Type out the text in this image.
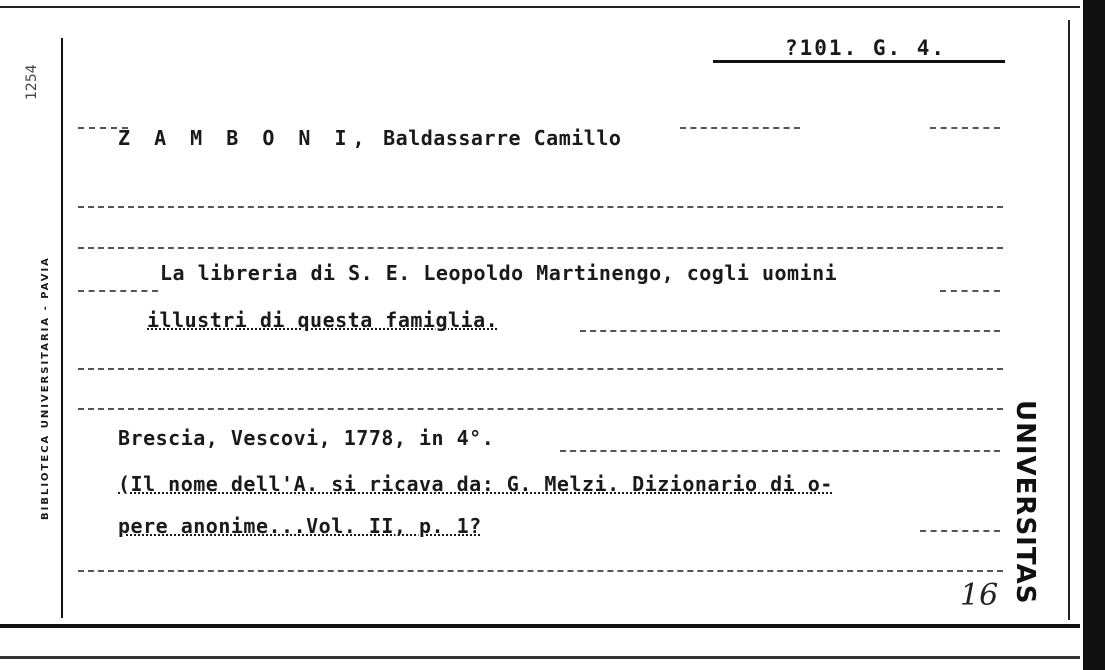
UNIVERSITAS
BIBLIOTECA UNIVERSITARIA - PAVIA
1254
?101. G. 4.
Z A M B O N I, Baldassarre Camillo
La libreria di S. E. Leopoldo Martinengo, cogli uomini
illustri di questa famiglia.
Brescia, Vescovi, 1778, in 4°.
(Il nome dell'A. si ricava da: G. Melzi. Dizionario di o-
pere anonime...Vol. II, p. 1?
16
